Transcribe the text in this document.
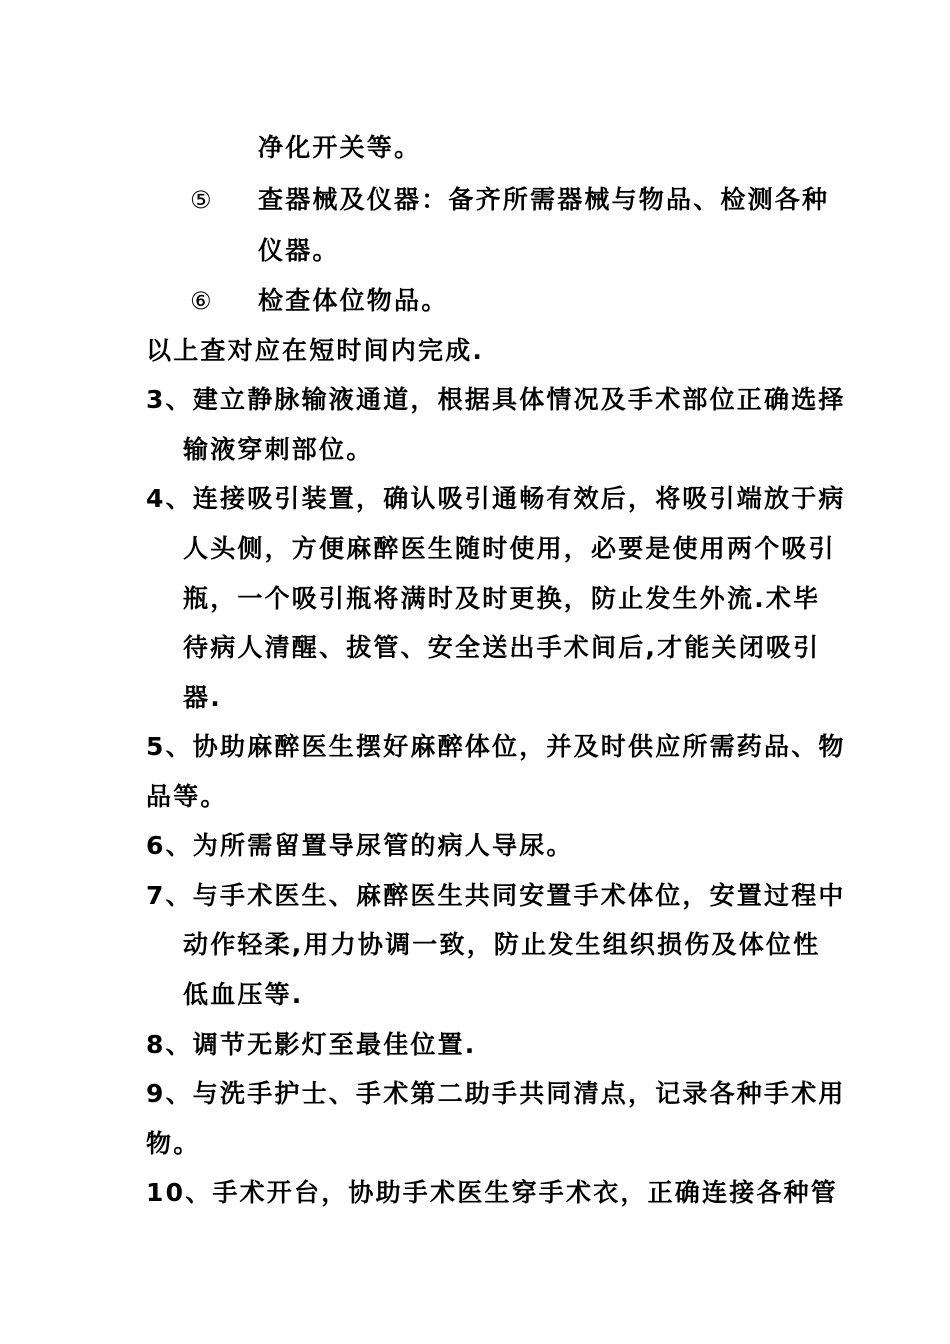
净化开关等。
⑤ 查器械及仪器：备齐所需器械与物品、检测各种
仪器。
⑥ 检查体位物品。
以上查对应在短时间内完成.
3、建立静脉输液通道，根据具体情况及手术部位正确选择
输液穿刺部位。
4、连接吸引装置，确认吸引通畅有效后，将吸引端放于病
人头侧，方便麻醉医生随时使用，必要是使用两个吸引
瓶，一个吸引瓶将满时及时更换，防止发生外流.术毕
待病人清醒、拔管、安全送出手术间后,才能关闭吸引
器.
5、协助麻醉医生摆好麻醉体位，并及时供应所需药品、物
品等。
6、为所需留置导尿管的病人导尿。
7、与手术医生、麻醉医生共同安置手术体位，安置过程中
动作轻柔,用力协调一致，防止发生组织损伤及体位性
低血压等.
8、调节无影灯至最佳位置.
9、与洗手护士、手术第二助手共同清点，记录各种手术用
物。
10、手术开台，协助手术医生穿手术衣，正确连接各种管
